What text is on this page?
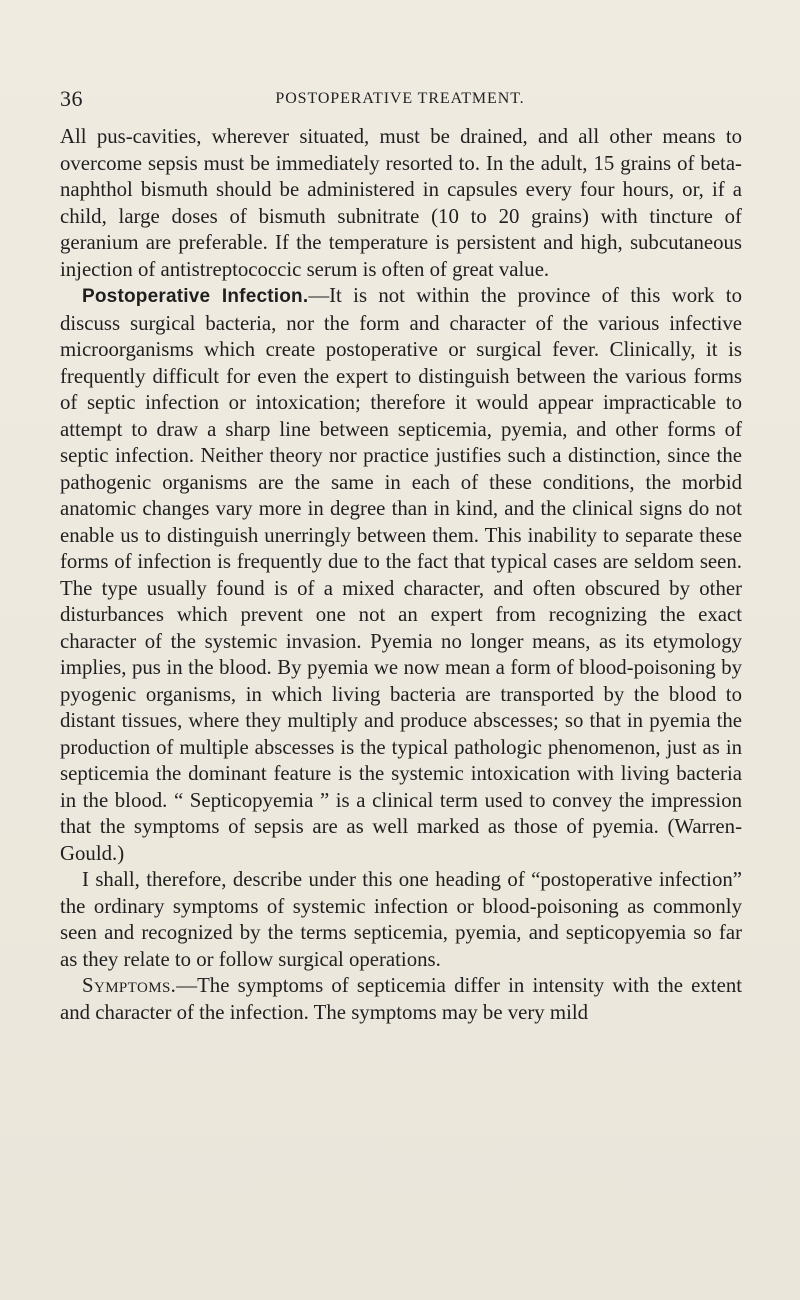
36	POSTOPERATIVE TREATMENT.

All pus-cavities, wherever situated, must be drained, and all other means to overcome sepsis must be immediately resorted to. In the adult, 15 grains of beta-naphthol bismuth should be administered in capsules every four hours, or, if a child, large doses of bismuth subnitrate (10 to 20 grains) with tincture of geranium are preferable. If the temperature is persistent and high, subcutaneous injection of antistreptococcic serum is often of great value.

Postoperative Infection.—It is not within the province of this work to discuss surgical bacteria, nor the form and character of the various infective microorganisms which create postoperative or surgical fever. Clinically, it is frequently difficult for even the expert to distinguish between the various forms of septic infection or intoxication; therefore it would appear impracticable to attempt to draw a sharp line between septicemia, pyemia, and other forms of septic infection. Neither theory nor practice justifies such a distinction, since the pathogenic organisms are the same in each of these conditions, the morbid anatomic changes vary more in degree than in kind, and the clinical signs do not enable us to distinguish unerringly between them. This inability to separate these forms of infection is frequently due to the fact that typical cases are seldom seen. The type usually found is of a mixed character, and often obscured by other disturbances which prevent one not an expert from recognizing the exact character of the systemic invasion. Pyemia no longer means, as its etymology implies, pus in the blood. By pyemia we now mean a form of blood-poisoning by pyogenic organisms, in which living bacteria are transported by the blood to distant tissues, where they multiply and produce abscesses; so that in pyemia the production of multiple abscesses is the typical pathologic phenomenon, just as in septicemia the dominant feature is the systemic intoxication with living bacteria in the blood. “ Septicopyemia ” is a clinical term used to convey the impression that the symptoms of sepsis are as well marked as those of pyemia. (Warren-Gould.)

I shall, therefore, describe under this one heading of “postoperative infection” the ordinary symptoms of systemic infection or blood-poisoning as commonly seen and recognized by the terms septicemia, pyemia, and septicopyemia so far as they relate to or follow surgical operations.

Symptoms.—The symptoms of septicemia differ in intensity with the extent and character of the infection. The symptoms may be very mild
